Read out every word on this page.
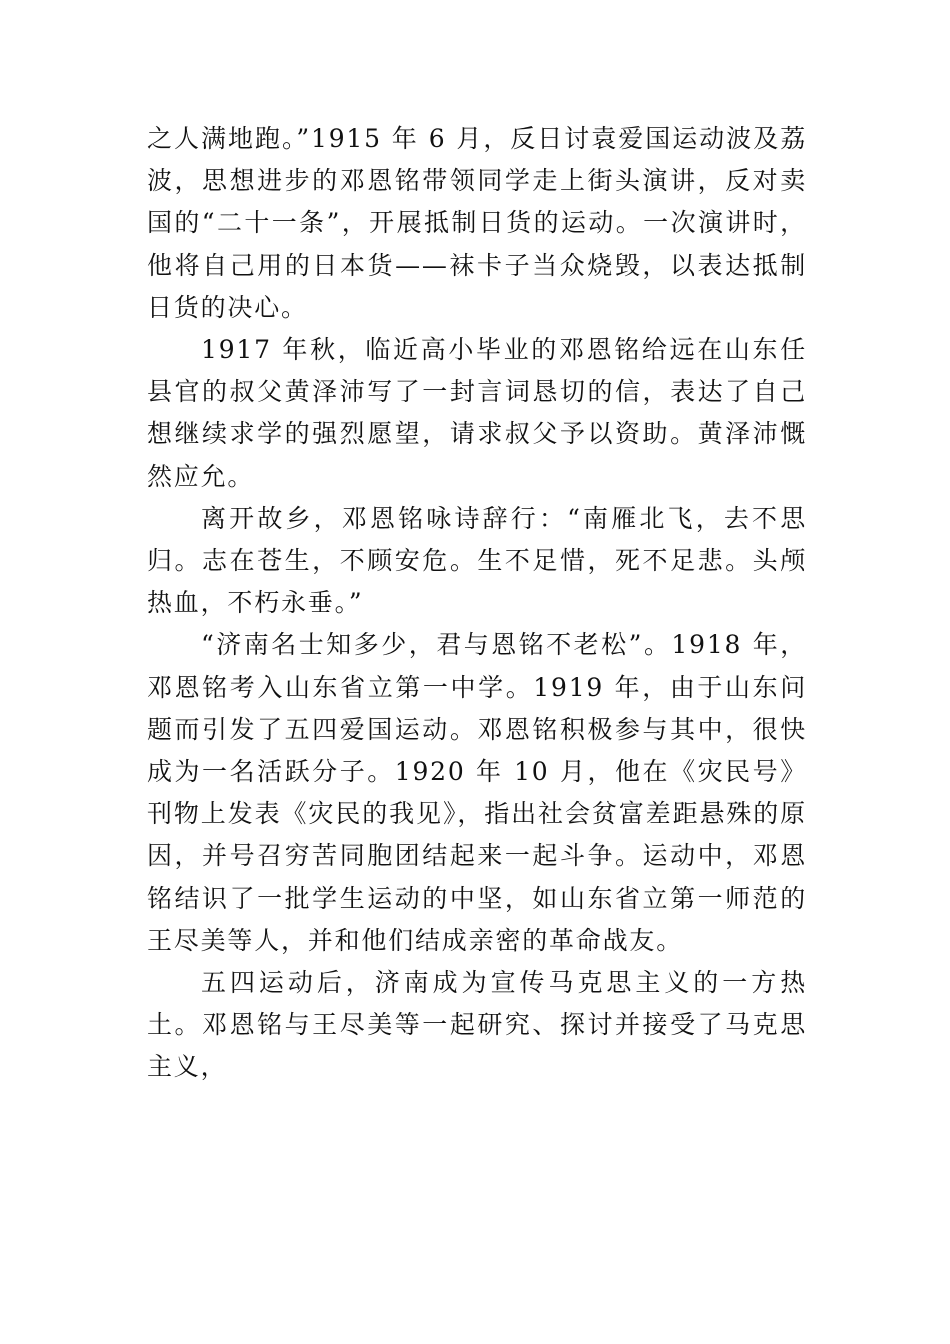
之人满地跑。”1915 年 6 月，反日讨袁爱国运动波及荔波，思想进步的邓恩铭带领同学走上街头演讲，反对卖国的“二十一条”，开展抵制日货的运动。一次演讲时，他将自己用的日本货——袜卡子当众烧毁，以表达抵制日货的决心。

1917 年秋，临近高小毕业的邓恩铭给远在山东任县官的叔父黄泽沛写了一封言词恳切的信，表达了自己想继续求学的强烈愿望，请求叔父予以资助。黄泽沛慨然应允。

离开故乡，邓恩铭咏诗辞行：“南雁北飞，去不思归。志在苍生，不顾安危。生不足惜，死不足悲。头颅热血，不朽永垂。”

“济南名士知多少，君与恩铭不老松”。1918 年，邓恩铭考入山东省立第一中学。1919 年，由于山东问题而引发了五四爱国运动。邓恩铭积极参与其中，很快成为一名活跃分子。1920 年 10 月，他在《灾民号》刊物上发表《灾民的我见》，指出社会贫富差距悬殊的原因，并号召穷苦同胞团结起来一起斗争。运动中，邓恩铭结识了一批学生运动的中坚，如山东省立第一师范的王尽美等人，并和他们结成亲密的革命战友。

五四运动后，济南成为宣传马克思主义的一方热土。邓恩铭与王尽美等一起研究、探讨并接受了马克思主义，
